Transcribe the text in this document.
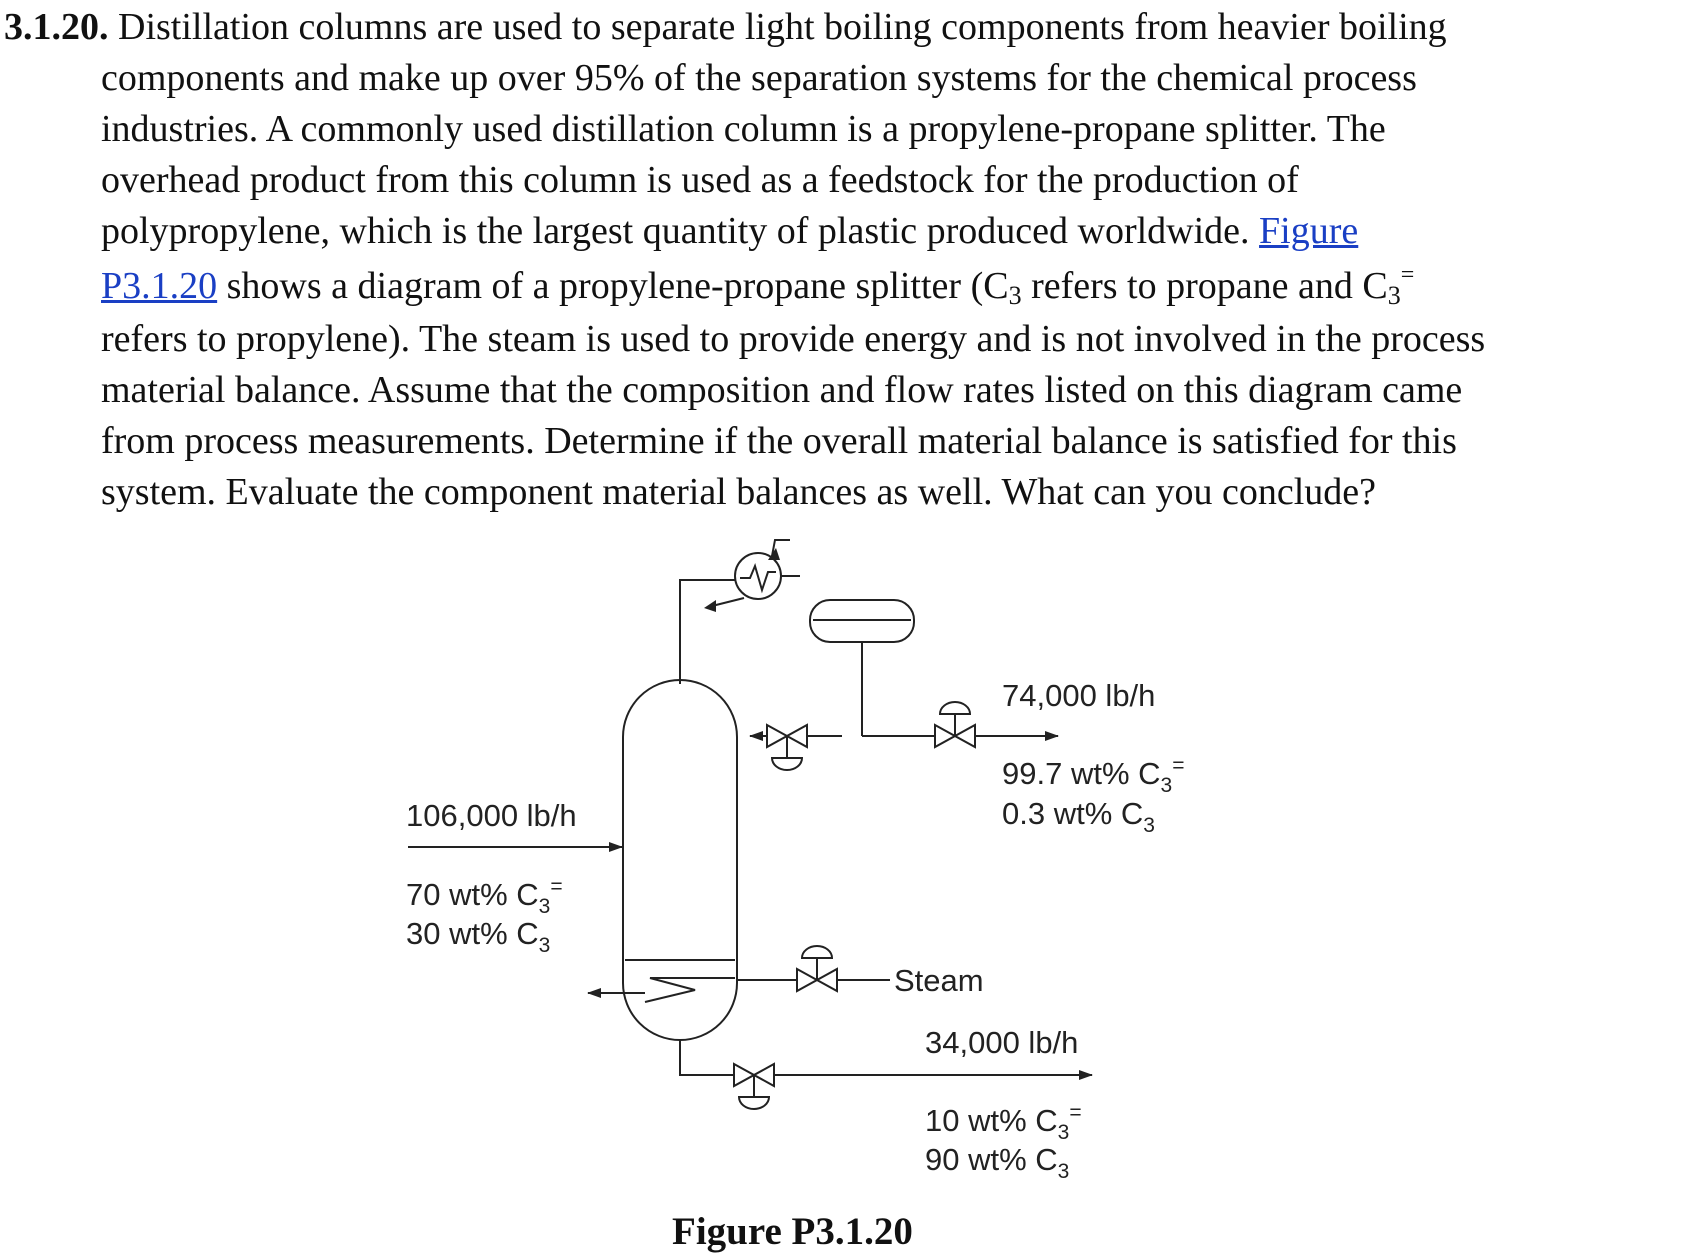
3.1.20. Distillation columns are used to separate light boiling components from heavier boiling
components and make up over 95% of the separation systems for the chemical process
industries. A commonly used distillation column is a propylene-propane splitter. The
overhead product from this column is used as a feedstock for the production of
polypropylene, which is the largest quantity of plastic produced worldwide. Figure
P3.1.20 shows a diagram of a propylene-propane splitter ($C_3$ refers to propane and $C_3^=$
refers to propylene). The steam is used to provide energy and is not involved in the process
material balance. Assume that the composition and flow rates listed on this diagram came
from process measurements. Determine if the overall material balance is satisfied for this
system. Evaluate the component material balances as well. What can you conclude?
106,000 lb/h
70 wt% $C_3^=$
30 wt% $C_3$
74,000 lb/h
99.7 wt% $C_3^=$
0.3 wt% $C_3$
Steam
34,000 lb/h
10 wt% $C_3^=$
90 wt% $C_3$
Figure P3.1.20
